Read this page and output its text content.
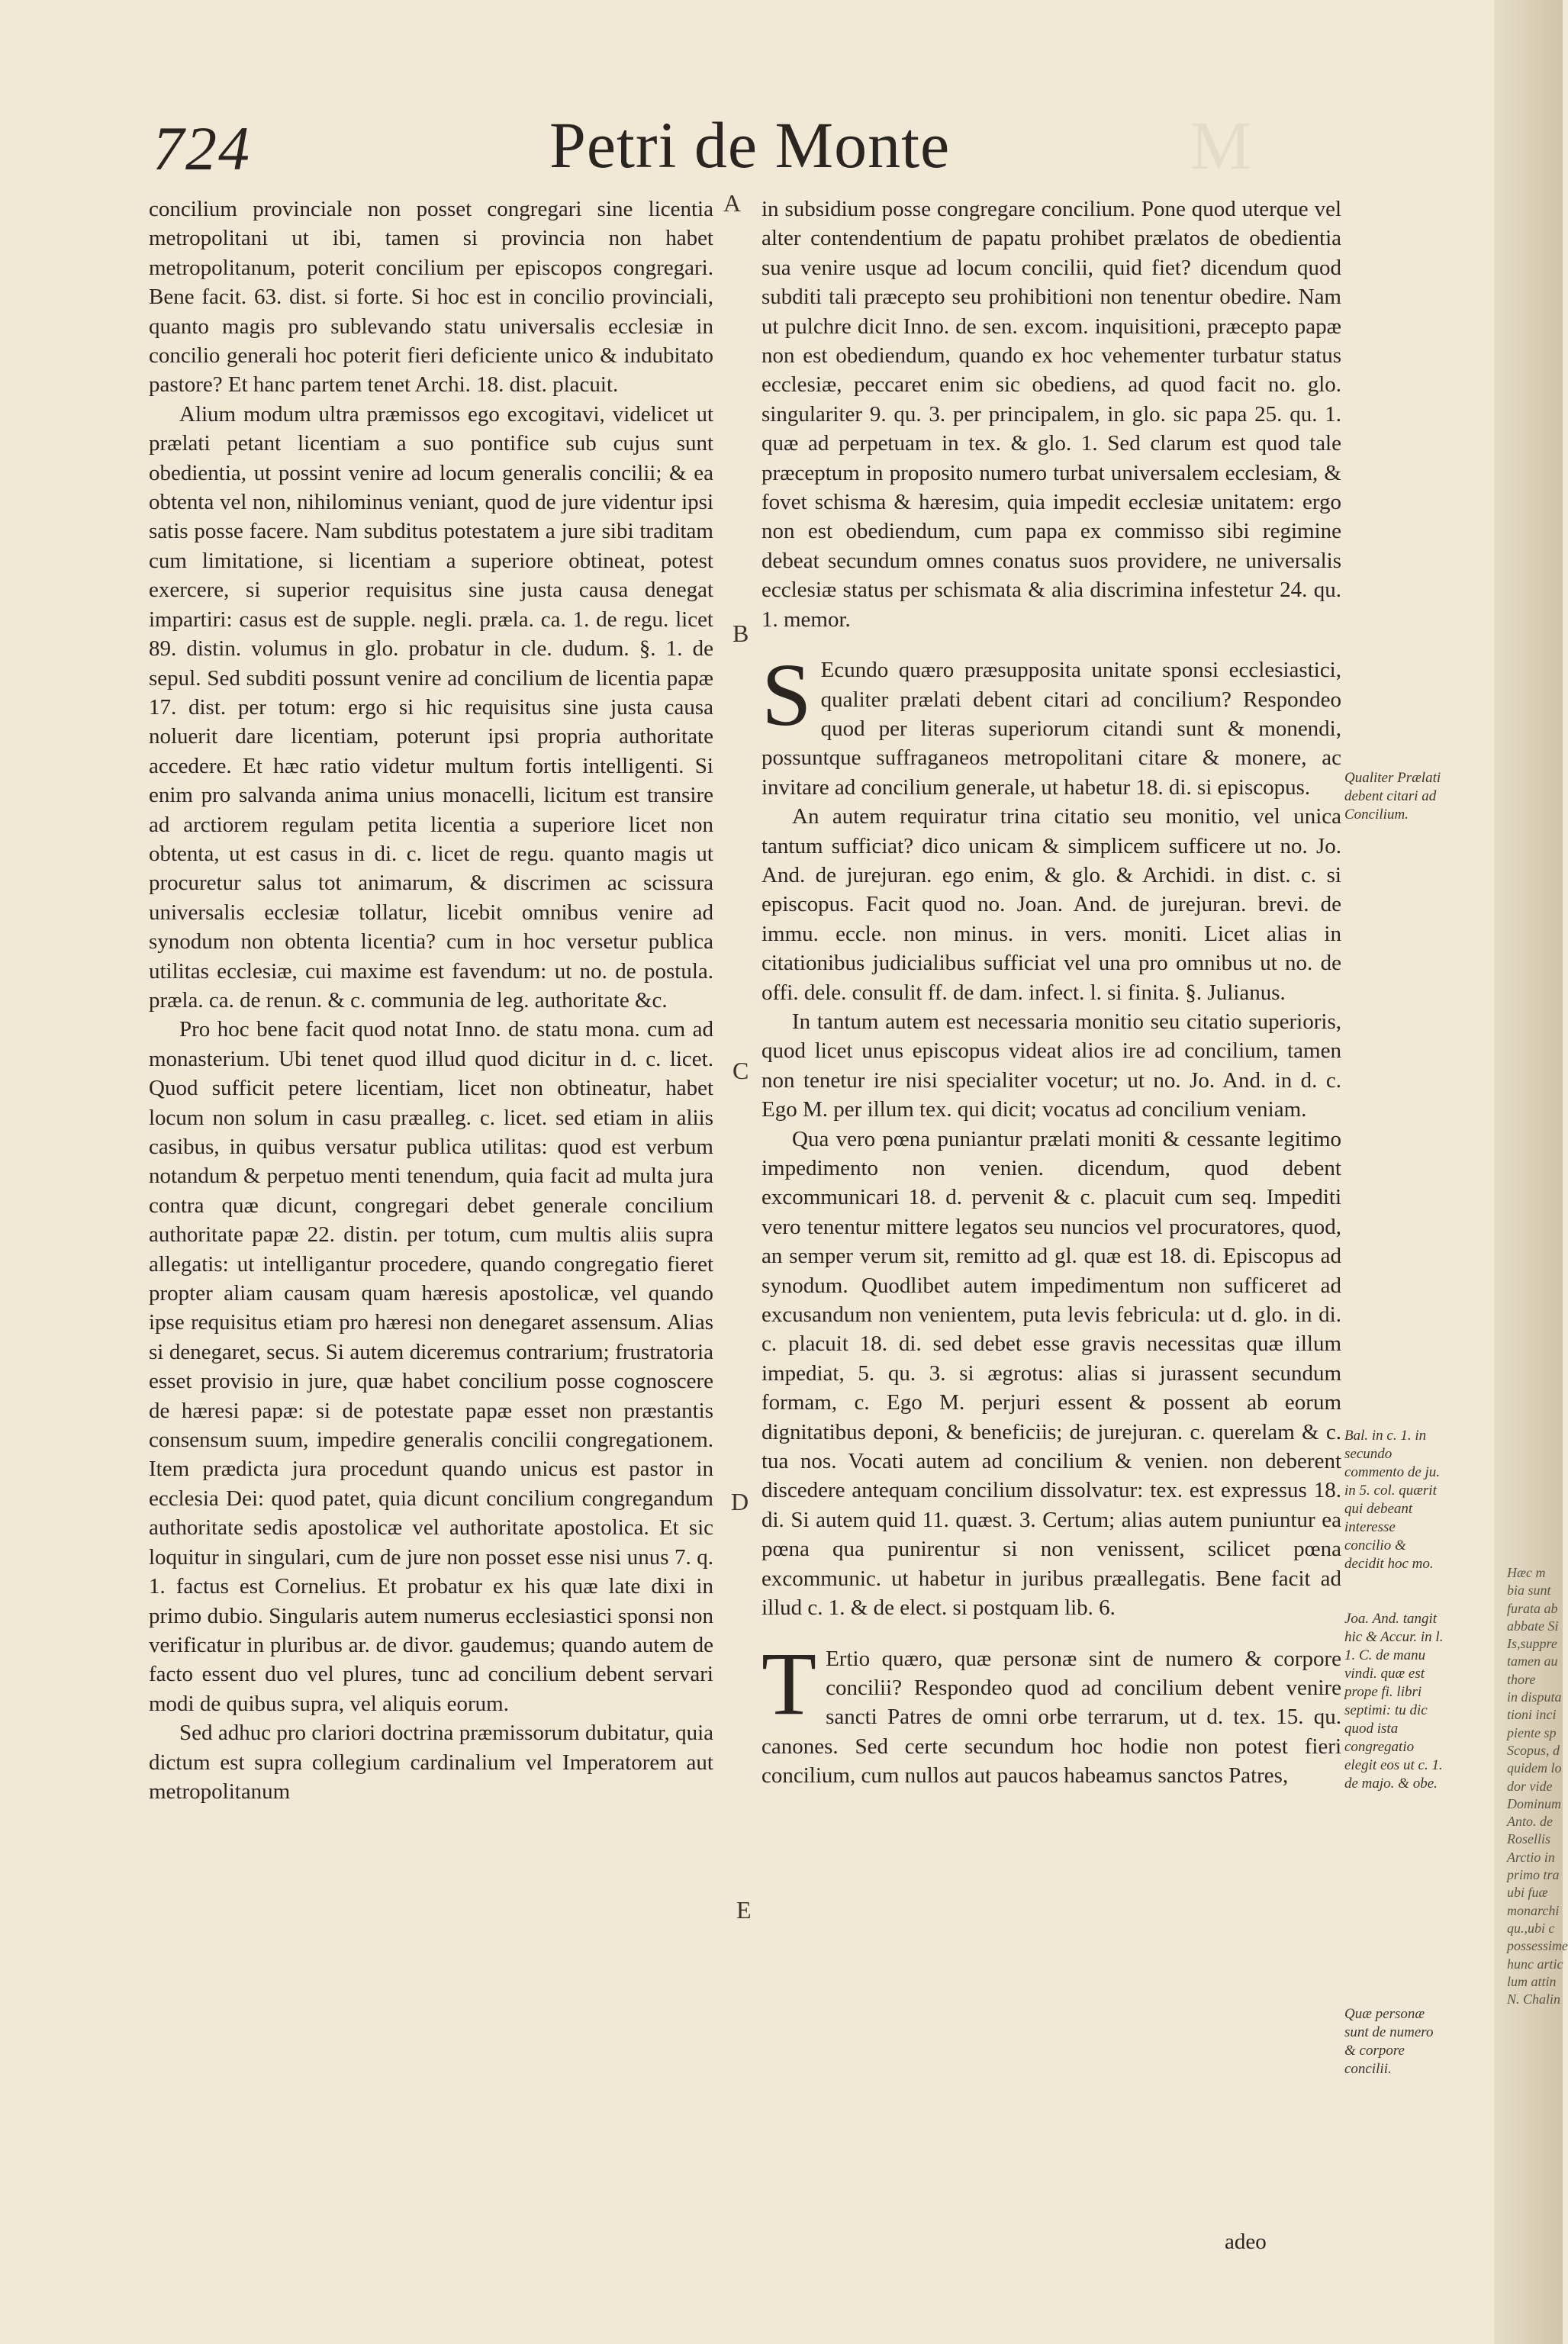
724	Petri de Monte	M

concilium provinciale non posset congregari sine licentia metropolitani ut ibi, tamen si provincia non habet metropolitanum, poterit concilium per episcopos congregari. Bene facit. 63. dist. si forte. Si hoc est in concilio provinciali, quanto magis pro sublevando statu universalis ecclesiæ in concilio generali hoc poterit fieri deficiente unico & indubitato pastore? Et hanc partem tenet Archi. 18. dist. placuit.

Alium modum ultra præmissos ego excogitavi, videlicet ut prælati petant licentiam a suo pontifice sub cujus sunt obedientia, ut possint venire ad locum generalis concilii; & ea obtenta vel non, nihilominus veniant, quod de jure videntur ipsi satis posse facere. Nam subditus potestatem a jure sibi traditam cum limitatione, si licentiam a superiore obtineat, potest exercere, si superior requisitus sine justa causa denegat impartiri: casus est de supple. negli. præla. ca. 1. de regu. licet 89. distin. volumus in glo. probatur in cle. dudum. §. 1. de sepul. Sed subditi possunt venire ad concilium de licentia papæ 17. dist. per totum: ergo si hic requisitus sine justa causa noluerit dare licentiam, poterunt ipsi propria authoritate accedere. Et hæc ratio videtur multum fortis intelligenti. Si enim pro salvanda anima unius monacelli, licitum est transire ad arctiorem regulam petita licentia a superiore licet non obtenta, ut est casus in di. c. licet de regu. quanto magis ut procuretur salus tot animarum, & discrimen ac scissura universalis ecclesiæ tollatur, licebit omnibus venire ad synodum non obtenta licentia? cum in hoc versetur publica utilitas ecclesiæ, cui maxime est favendum: ut no. de postula. præla. ca. de renun. & c. communia de leg. authoritate &c.

Pro hoc bene facit quod notat Inno. de statu mona. cum ad monasterium. Ubi tenet quod illud quod dicitur in d. c. licet. Quod sufficit petere licentiam, licet non obtineatur, habet locum non solum in casu præalleg. c. licet. sed etiam in aliis casibus, in quibus versatur publica utilitas: quod est verbum notandum & perpetuo menti tenendum, quia facit ad multa jura contra quæ dicunt, congregari debet generale concilium authoritate papæ 22. distin. per totum, cum multis aliis supra allegatis: ut intelligantur procedere, quando congregatio fieret propter aliam causam quam hæresis apostolicæ, vel quando ipse requisitus etiam pro hæresi non denegaret assensum. Alias si denegaret, secus. Si autem diceremus contrarium; frustratoria esset provisio in jure, quæ habet concilium posse cognoscere de hæresi papæ: si de potestate papæ esset non præstantis consensum suum, impedire generalis concilii congregationem. Item prædicta jura procedunt quando unicus est pastor in ecclesia Dei: quod patet, quia dicunt concilium congregandum authoritate sedis apostolicæ vel authoritate apostolica. Et sic loquitur in singulari, cum de jure non posset esse nisi unus 7. q. 1. factus est Cornelius. Et probatur ex his quæ late dixi in primo dubio. Singularis autem numerus ecclesiastici sponsi non verificatur in pluribus ar. de divor. gaudemus; quando autem de facto essent duo vel plures, tunc ad concilium debent servari modi de quibus supra, vel aliquis eorum.

Sed adhuc pro clariori doctrina præmissorum dubitatur, quia dictum est supra collegium cardinalium vel Imperatorem aut metropolitanum

in subsidium posse congregare concilium. Pone quod uterque vel alter contendentium de papatu prohibet prælatos de obedientia sua venire usque ad locum concilii, quid fiet? dicendum quod subditi tali præcepto seu prohibitioni non tenentur obedire. Nam ut pulchre dicit Inno. de sen. excom. inquisitioni, præcepto papæ non est obediendum, quando ex hoc vehementer turbatur status ecclesiæ, peccaret enim sic obediens, ad quod facit no. glo. singulariter 9. qu. 3. per principalem, in glo. sic papa 25. qu. 1. quæ ad perpetuam in tex. & glo. 1. Sed clarum est quod tale præceptum in proposito numero turbat universalem ecclesiam, & fovet schisma & hæresim, quia impedit ecclesiæ unitatem: ergo non est obediendum, cum papa ex commisso sibi regimine debeat secundum omnes conatus suos providere, ne universalis ecclesiæ status per schismata & alia discrimina infestetur 24. qu. 1. memor.

S Ecundo quæro præsupposita unitate sponsi ecclesiastici, qualiter prælati debent citari ad concilium? Respondeo quod per literas superiorum citandi sunt & monendi, possuntque suffraganeos metropolitani citare & monere, ac invitare ad concilium generale, ut habetur 18. di. si episcopus.

An autem requiratur trina citatio seu monitio, vel unica tantum sufficiat? dico unicam & simplicem sufficere ut no. Jo. And. de jurejuran. ego enim, & glo. & Archidi. in dist. c. si episcopus. Facit quod no. Joan. And. de jurejuran. brevi. de immu. eccle. non minus. in vers. moniti. Licet alias in citationibus judicialibus sufficiat vel una pro omnibus ut no. de offi. dele. consulit ff. de dam. infect. l. si finita. §. Julianus.

In tantum autem est necessaria monitio seu citatio superioris, quod licet unus episcopus videat alios ire ad concilium, tamen non tenetur ire nisi specialiter vocetur; ut no. Jo. And. in d. c. Ego M. per illum tex. qui dicit; vocatus ad concilium veniam.

Qua vero pœna puniantur prælati moniti & cessante legitimo impedimento non venien. dicendum, quod debent excommunicari 18. d. pervenit & c. placuit cum seq. Impediti vero tenentur mittere legatos seu nuncios vel procuratores, quod, an semper verum sit, remitto ad gl. quæ est 18. di. Episcopus ad synodum. Quodlibet autem impedimentum non sufficeret ad excusandum non venientem, puta levis febricula: ut d. glo. in di. c. placuit 18. di. sed debet esse gravis necessitas quæ illum impediat, 5. qu. 3. si ægrotus: alias si jurassent secundum formam, c. Ego M. perjuri essent & possent ab eorum dignitatibus deponi, & beneficiis; de jurejuran. c. querelam & c. tua nos. Vocati autem ad concilium & venien. non deberent discedere antequam concilium dissolvatur: tex. est expressus 18. di. Si autem quid 11. quæst. 3. Certum; alias autem puniuntur ea pœna qua punirentur si non venissent, scilicet pœna excommunic. ut habetur in juribus præallegatis. Bene facit ad illud c. 1. & de elect. si postquam lib. 6.

T Ertio quæro, quæ personæ sint de numero & corpore concilii? Respondeo quod ad concilium debent venire sancti Patres de omni orbe terrarum, ut d. tex. 15. qu. canones. Sed certe secundum hoc hodie non potest fieri concilium, cum nullos aut paucos habeamus sanctos Patres,

adeo
A
B
C
D
E
Qualiter Prælati debent citari ad Concilium.
Bal. in c. 1. in secundo commento de ju. in 5. col. quærit qui debeant interesse concilio & decidit hoc mo.
Joa. And. tangit hic & Accur. in l. 1. C. de manu vindi. quæ est prope fi. libri septimi: tu dic quod ista congregatio elegit eos ut c. 1. de majo. & obe.
Quæ personæ sunt de numero & corpore concilii.
Hæc m
bia sunt
furata ab
abbate Si
Is,suppre
tamen au
thore
in disputa
tioni inci
piente sp
Scopus, d
quidem lo
dor vide
Dominum
Anto. de
Rosellis
Arctio in
primo tra
ubi fuæ
monarchi
qu.,ubi c
possessime
hunc artic
lum attin
N. Chalin
